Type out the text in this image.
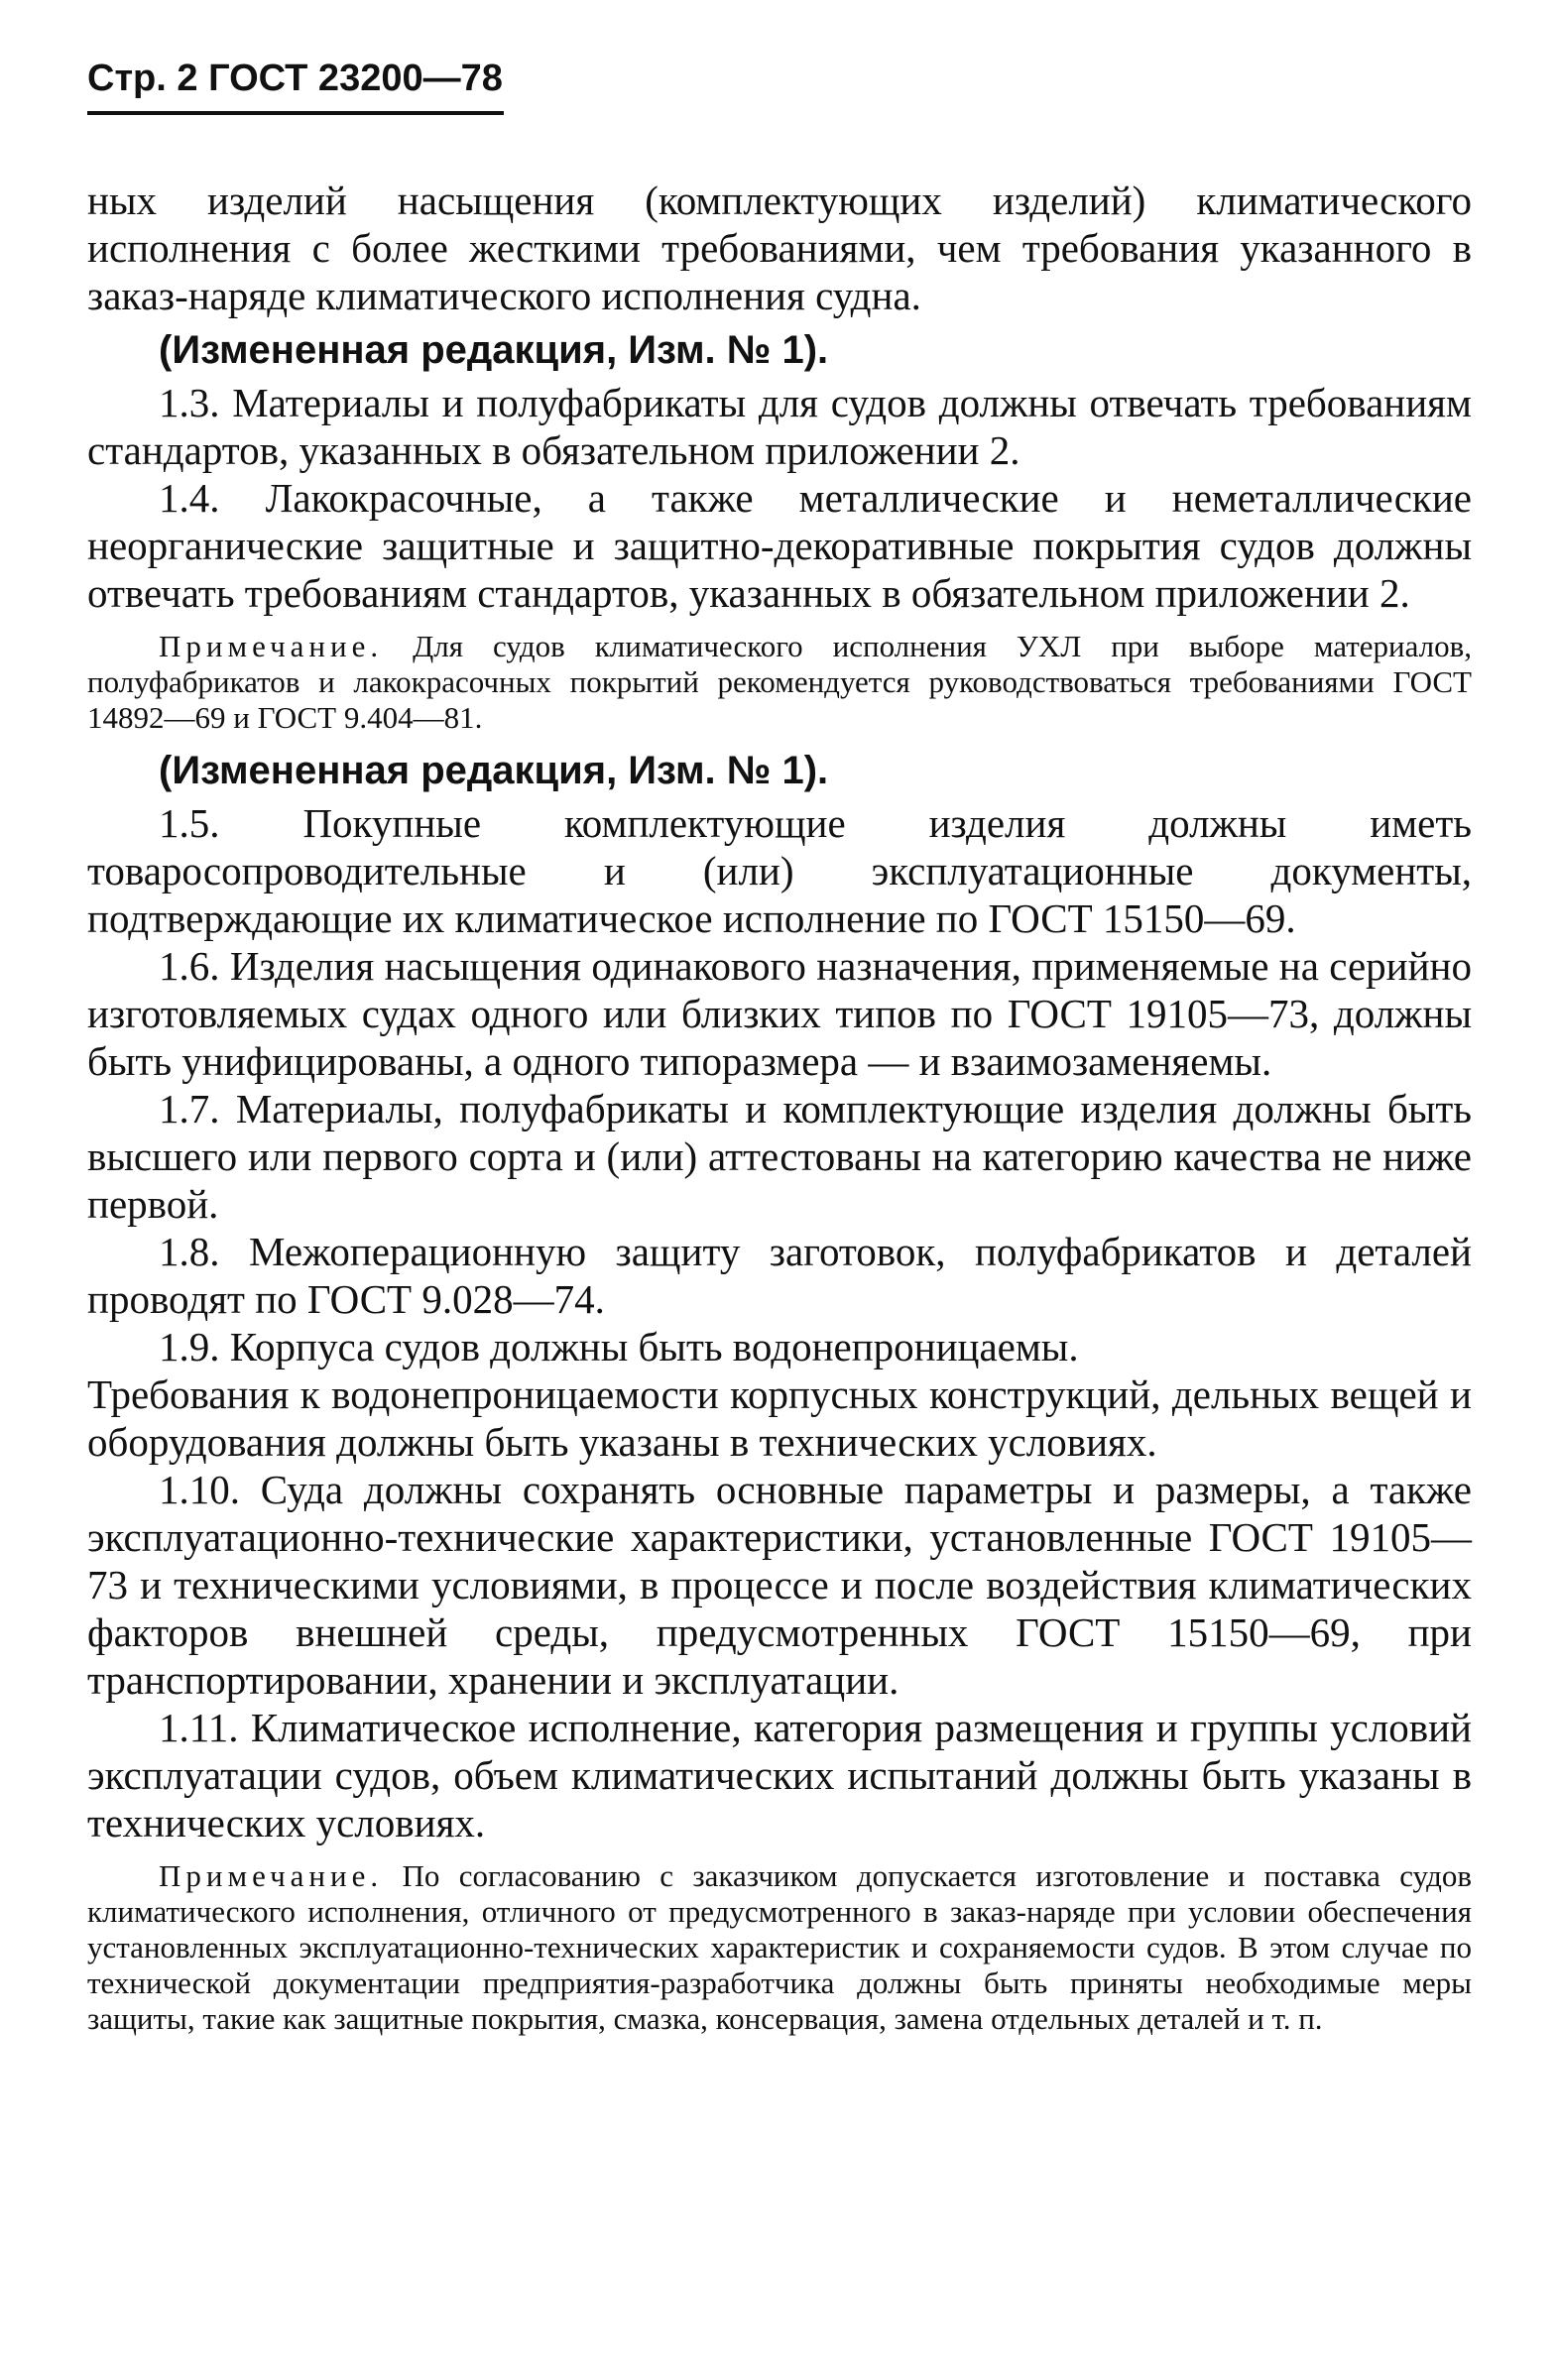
Стр. 2 ГОСТ 23200—78

ных изделий насыщения (комплектующих изделий) климатического исполнения с более жесткими требованиями, чем требования указанного в заказ-наряде климатического исполнения судна.

(Измененная редакция, Изм. № 1).

1.3. Материалы и полуфабрикаты для судов должны отвечать требованиям стандартов, указанных в обязательном приложении 2.

1.4. Лакокрасочные, а также металлические и неметаллические неорганические защитные и защитно-декоративные покрытия судов должны отвечать требованиям стандартов, указанных в обязательном приложении 2.

Примечание. Для судов климатического исполнения УХЛ при выборе материалов, полуфабрикатов и лакокрасочных покрытий рекомендуется руководствоваться требованиями ГОСТ 14892—69 и ГОСТ 9.404—81.

(Измененная редакция, Изм. № 1).

1.5. Покупные комплектующие изделия должны иметь товаросопроводительные и (или) эксплуатационные документы, подтверждающие их климатическое исполнение по ГОСТ 15150—69.

1.6. Изделия насыщения одинакового назначения, применяемые на серийно изготовляемых судах одного или близких типов по ГОСТ 19105—73, должны быть унифицированы, а одного типоразмера — и взаимозаменяемы.

1.7. Материалы, полуфабрикаты и комплектующие изделия должны быть высшего или первого сорта и (или) аттестованы на категорию качества не ниже первой.

1.8. Межоперационную защиту заготовок, полуфабрикатов и деталей проводят по ГОСТ 9.028—74.

1.9. Корпуса судов должны быть водонепроницаемы.

Требования к водонепроницаемости корпусных конструкций, дельных вещей и оборудования должны быть указаны в технических условиях.

1.10. Суда должны сохранять основные параметры и размеры, а также эксплуатационно-технические характеристики, установленные ГОСТ 19105—73 и техническими условиями, в процессе и после воздействия климатических факторов внешней среды, предусмотренных ГОСТ 15150—69, при транспортировании, хранении и эксплуатации.

1.11. Климатическое исполнение, категория размещения и группы условий эксплуатации судов, объем климатических испытаний должны быть указаны в технических условиях.

Примечание. По согласованию с заказчиком допускается изготовление и поставка судов климатического исполнения, отличного от предусмотренного в заказ-наряде при условии обеспечения установленных эксплуатационно-технических характеристик и сохраняемости судов. В этом случае по технической документации предприятия-разработчика должны быть приняты необходимые меры защиты, такие как защитные покрытия, смазка, консервация, замена отдельных деталей и т. п.
